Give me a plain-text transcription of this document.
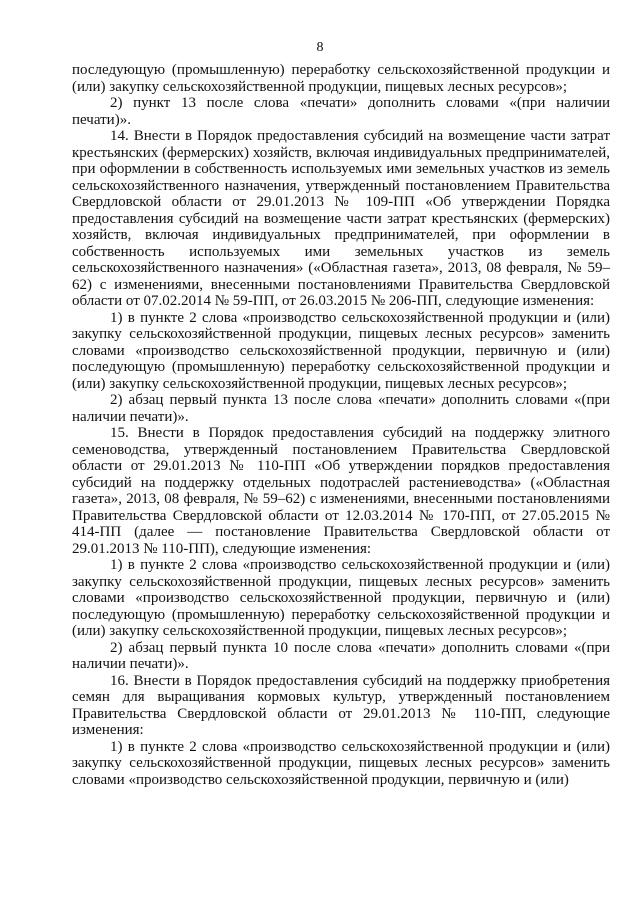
8

последующую (промышленную) переработку сельскохозяйственной продукции и (или) закупку сельскохозяйственной продукции, пищевых лесных ресурсов»;

2) пункт 13 после слова «печати» дополнить словами «(при наличии печати)».

14. Внести в Порядок предоставления субсидий на возмещение части затрат крестьянских (фермерских) хозяйств, включая индивидуальных предпринимателей, при оформлении в собственность используемых ими земельных участков из земель сельскохозяйственного назначения, утвержденный постановлением Правительства Свердловской области от 29.01.2013 № 109-ПП «Об утверждении Порядка предоставления субсидий на возмещение части затрат крестьянских (фермерских) хозяйств, включая индивидуальных предпринимателей, при оформлении в собственность используемых ими земельных участков из земель сельскохозяйственного назначения» («Областная газета», 2013, 08 февраля, № 59–62) с изменениями, внесенными постановлениями Правительства Свердловской области от 07.02.2014 № 59-ПП, от 26.03.2015 № 206-ПП, следующие изменения:

1) в пункте 2 слова «производство сельскохозяйственной продукции и (или) закупку сельскохозяйственной продукции, пищевых лесных ресурсов» заменить словами «производство сельскохозяйственной продукции, первичную и (или) последующую (промышленную) переработку сельскохозяйственной продукции и (или) закупку сельскохозяйственной продукции, пищевых лесных ресурсов»;

2) абзац первый пункта 13 после слова «печати» дополнить словами «(при наличии печати)».

15. Внести в Порядок предоставления субсидий на поддержку элитного семеноводства, утвержденный постановлением Правительства Свердловской области от 29.01.2013 № 110-ПП «Об утверждении порядков предоставления субсидий на поддержку отдельных подотраслей растениеводства» («Областная газета», 2013, 08 февраля, № 59–62) с изменениями, внесенными постановлениями Правительства Свердловской области от 12.03.2014 № 170-ПП, от 27.05.2015 № 414-ПП (далее — постановление Правительства Свердловской области от 29.01.2013 № 110-ПП), следующие изменения:

1) в пункте 2 слова «производство сельскохозяйственной продукции и (или) закупку сельскохозяйственной продукции, пищевых лесных ресурсов» заменить словами «производство сельскохозяйственной продукции, первичную и (или) последующую (промышленную) переработку сельскохозяйственной продукции и (или) закупку сельскохозяйственной продукции, пищевых лесных ресурсов»;

2) абзац первый пункта 10 после слова «печати» дополнить словами «(при наличии печати)».

16. Внести в Порядок предоставления субсидий на поддержку приобретения семян для выращивания кормовых культур, утвержденный постановлением Правительства Свердловской области от 29.01.2013 № 110-ПП, следующие изменения:

1) в пункте 2 слова «производство сельскохозяйственной продукции и (или) закупку сельскохозяйственной продукции, пищевых лесных ресурсов» заменить словами «производство сельскохозяйственной продукции, первичную и (или)
